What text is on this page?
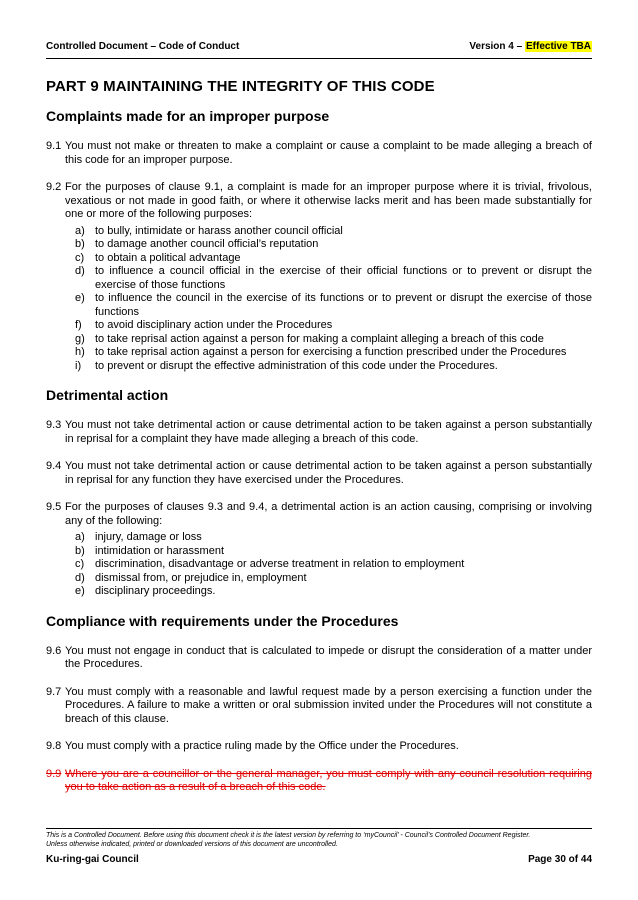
Controlled Document – Code of Conduct	Version 4 – Effective TBA
PART 9 MAINTAINING THE INTEGRITY OF THIS CODE
Complaints made for an improper purpose
9.1 You must not make or threaten to make a complaint or cause a complaint to be made alleging a breach of this code for an improper purpose.
9.2 For the purposes of clause 9.1, a complaint is made for an improper purpose where it is trivial, frivolous, vexatious or not made in good faith, or where it otherwise lacks merit and has been made substantially for one or more of the following purposes:
a) to bully, intimidate or harass another council official
b) to damage another council official’s reputation
c) to obtain a political advantage
d) to influence a council official in the exercise of their official functions or to prevent or disrupt the exercise of those functions
e) to influence the council in the exercise of its functions or to prevent or disrupt the exercise of those functions
f)	to avoid disciplinary action under the Procedures
g) to take reprisal action against a person for making a complaint alleging a breach of this code
h) to take reprisal action against a person for exercising a function prescribed under the Procedures
i)	to prevent or disrupt the effective administration of this code under the Procedures.
Detrimental action
9.3 You must not take detrimental action or cause detrimental action to be taken against a person substantially in reprisal for a complaint they have made alleging a breach of this code.
9.4 You must not take detrimental action or cause detrimental action to be taken against a person substantially in reprisal for any function they have exercised under the Procedures.
9.5 For the purposes of clauses 9.3 and 9.4, a detrimental action is an action causing, comprising or involving any of the following:
a) injury, damage or loss
b) intimidation or harassment
c) discrimination, disadvantage or adverse treatment in relation to employment
d) dismissal from, or prejudice in, employment
e) disciplinary proceedings.
Compliance with requirements under the Procedures
9.6 You must not engage in conduct that is calculated to impede or disrupt the consideration of a matter under the Procedures.
9.7 You must comply with a reasonable and lawful request made by a person exercising a function under the Procedures. A failure to make a written or oral submission invited under the Procedures will not constitute a breach of this clause.
9.8 You must comply with a practice ruling made by the Office under the Procedures.
9.9 Where you are a councillor or the general manager, you must comply with any council resolution requiring you to take action as a result of a breach of this code.
This is a Controlled Document. Before using this document check it is the latest version by referring to ‘myCouncil’ - Council’s Controlled Document Register.
Unless otherwise indicated, printed or downloaded versions of this document are uncontrolled.
Ku-ring-gai Council	Page 30 of 44
